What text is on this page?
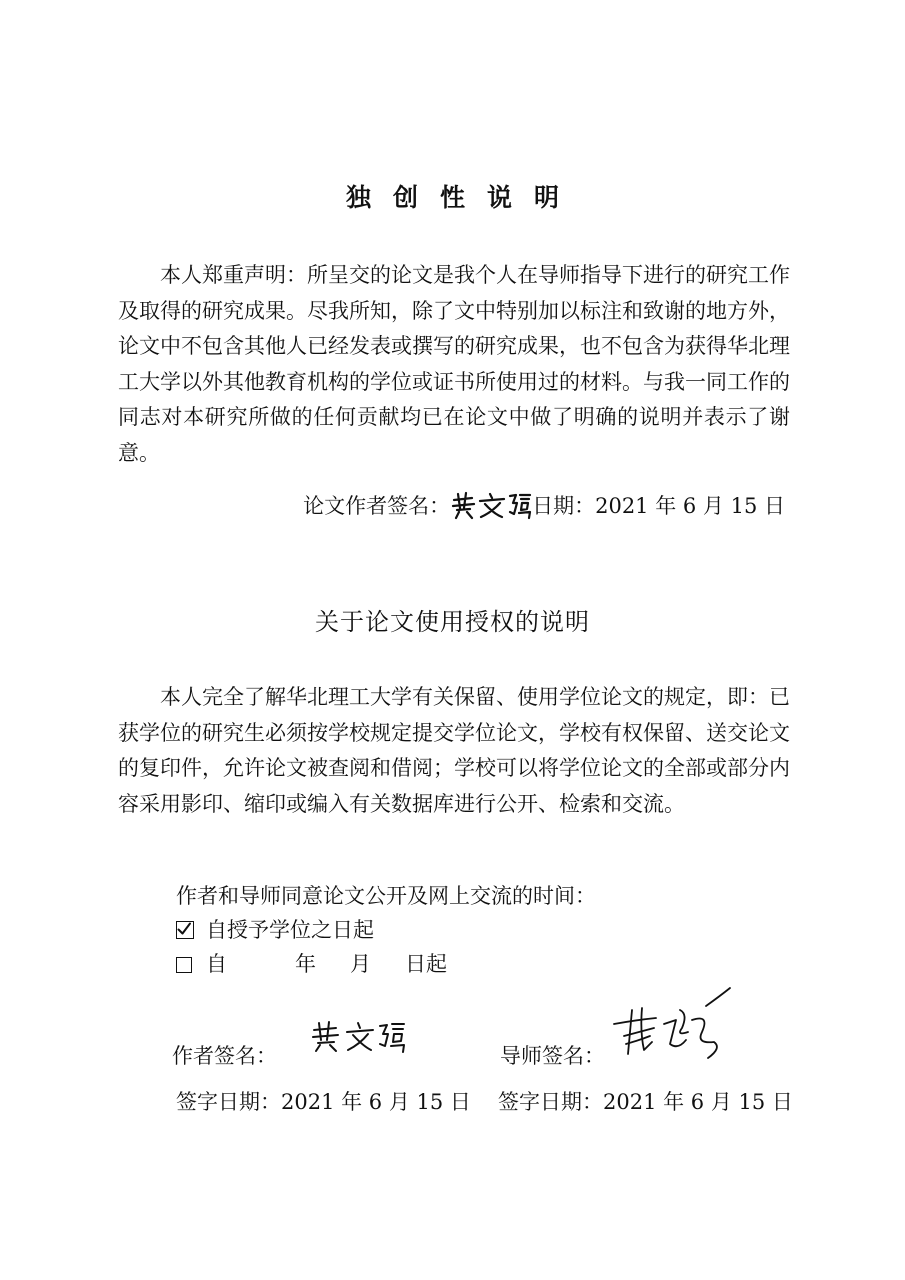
独创性说明

本人郑重声明：所呈交的论文是我个人在导师指导下进行的研究工作及取得的研究成果。尽我所知，除了文中特别加以标注和致谢的地方外，论文中不包含其他人已经发表或撰写的研究成果，也不包含为获得华北理工大学以外其他教育机构的学位或证书所使用过的材料。与我一同工作的同志对本研究所做的任何贡献均已在论文中做了明确的说明并表示了谢意。

论文作者签名：	日期： 2021 年 6 月 15 日
关于论文使用授权的说明

本人完全了解华北理工大学有关保留、使用学位论文的规定，即：已获学位的研究生必须按学校规定提交学位论文，学校有权保留、送交论文的复印件，允许论文被查阅和借阅；学校可以将学位论文的全部或部分内容采用影印、缩印或编入有关数据库进行公开、检索和交流。

作者和导师同意论文公开及网上交流的时间：
自授予学位之日起
自	年 月 日起
作者签名：	导师签名：
签字日期：2021 年 6 月 15 日 签字日期：2021 年 6 月 15 日
